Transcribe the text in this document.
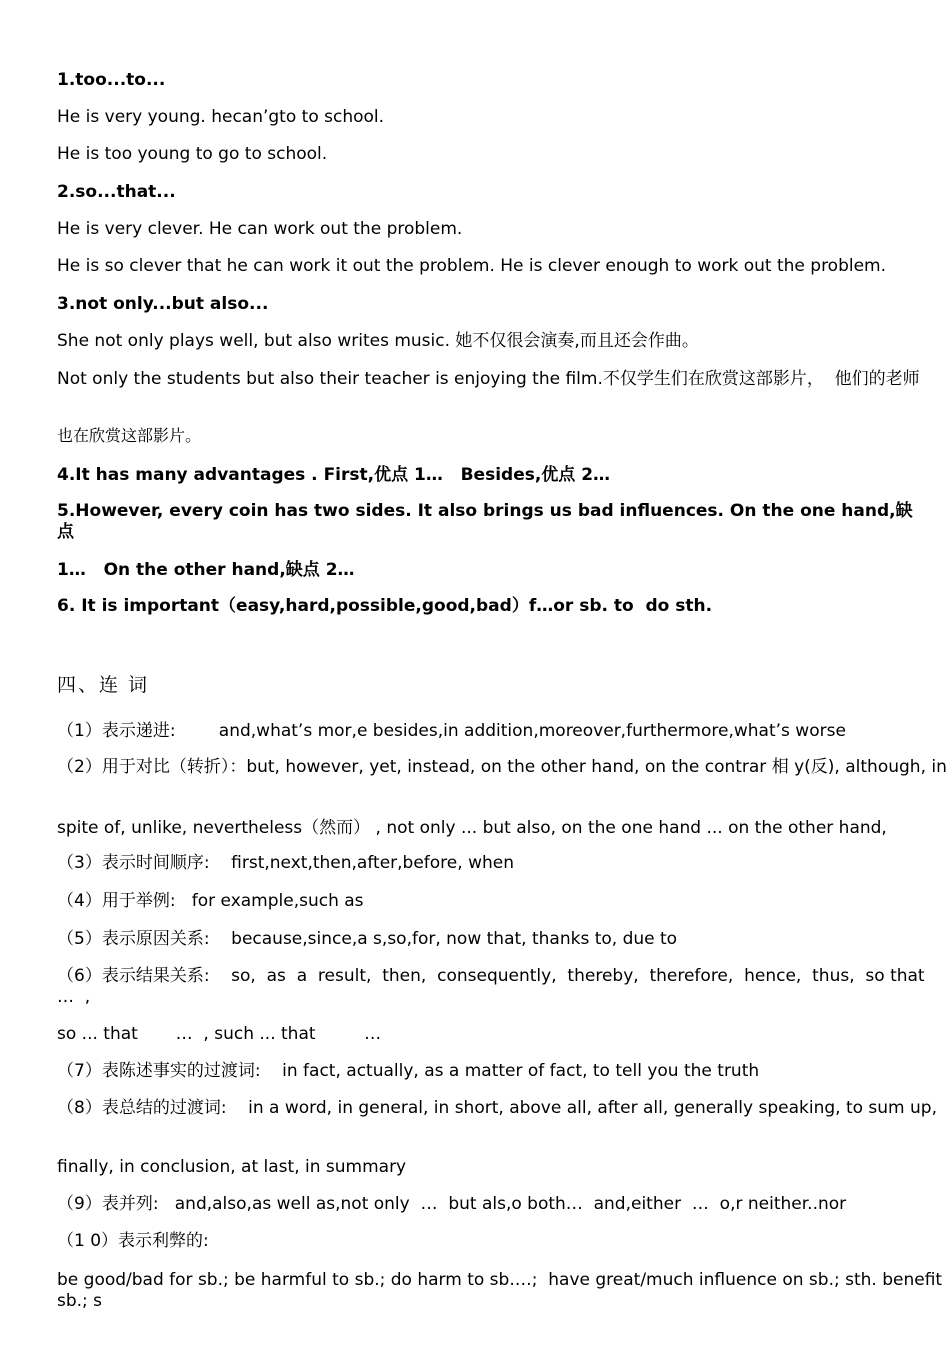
1.too...to...
He is very young. hecan’gto to school.
He is too young to go to school.
2.so...that...
He is very clever. He can work out the problem.
He is so clever that he can work it out the problem. He is clever enough to work out the problem.
3.not only...but also...
She not only plays well, but also writes music. 她不仅很会演奏,而且还会作曲。
Not only the students but also their teacher is enjoying the film.不仅学生们在欣赏这部影片，  他们的老师
也在欣赏这部影片。
4.It has many advantages . First,优点 1…   Besides,优点 2…
5.However, every coin has two sides. It also brings us bad influences. On the one hand,缺      点
1…   On the other hand,缺点 2…
6. It is important（easy,hard,possible,good,bad）f…or sb. to  do sth.
四、连 词
（1）表示递进:        and,what’s mor,e besides,in addition,moreover,furthermore,what’s worse
（2）用于对比（转折）：but, however, yet, instead, on the other hand, on the contrar 相 y(反), although, in
spite of, unlike, nevertheless（然而） , not only ... but also, on the one hand ... on the other hand,
（3）表示时间顺序:    first,next,then,after,before, when
（4）用于举例:   for example,such as
（5）表示原因关系:    because,since,a s,so,for, now that, thanks to, due to
（6）表示结果关系:    so,  as  a  result,  then,  consequently,  thereby,  therefore,  hence,  thus,  so that  …  ,
so ... that       …  , such ... that         …
（7）表陈述事实的过渡词:    in fact, actually, as a matter of fact, to tell you the truth
（8）表总结的过渡词:    in a word, in general, in short, above all, after all, generally speaking, to sum up,
finally, in conclusion, at last, in summary
（9）表并列:   and,also,as well as,not only  …  but als,o both…  and,either  …  o,r neither..nor
（1 0）表示利弊的:
be good/bad for sb.; be harmful to sb.; do harm to sb.…;  have great/much influence on sb.; sth. benefit sb.; s
